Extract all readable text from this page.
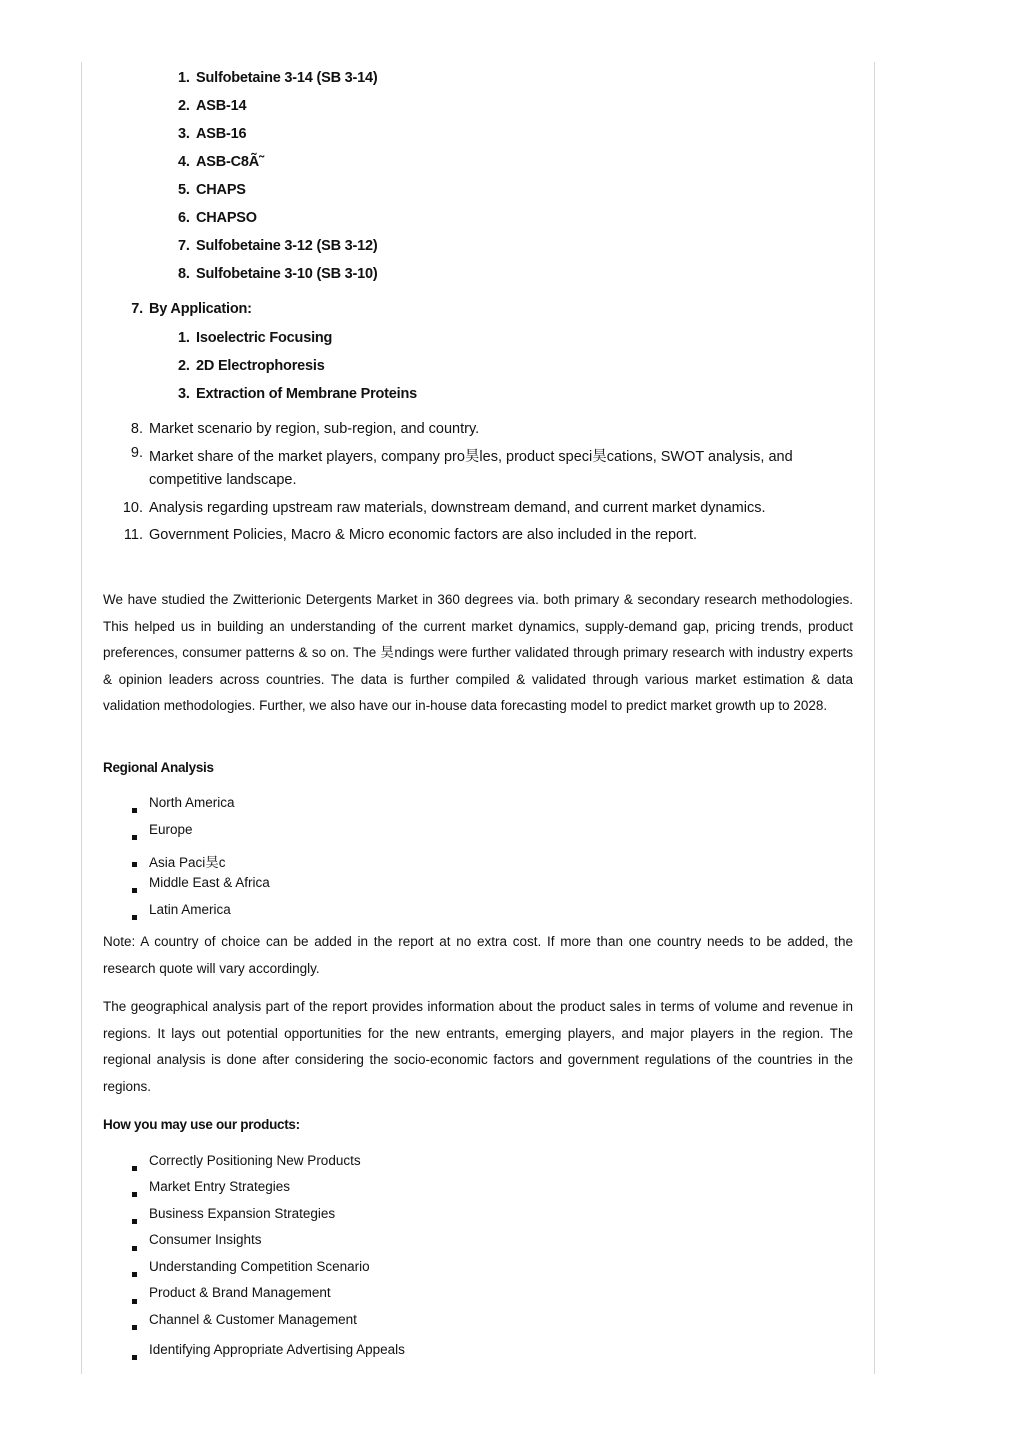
1. Sulfobetaine 3-14 (SB 3-14)
2. ASB-14
3. ASB-16
4. ASB-C8Ã˜
5. CHAPS
6. CHAPSO
7. Sulfobetaine 3-12 (SB 3-12)
8. Sulfobetaine 3-10 (SB 3-10)
7. By Application:
1. Isoelectric Focusing
2. 2D Electrophoresis
3. Extraction of Membrane Proteins
8. Market scenario by region, sub-region, and country.
9. Market share of the market players, company pro昊les, product speci昊cations, SWOT analysis, and
competitive landscape.
10. Analysis regarding upstream raw materials, downstream demand, and current market dynamics.
11. Government Policies, Macro & Micro economic factors are also included in the report.
We have studied the Zwitterionic Detergents Market in 360 degrees via. both primary & secondary research methodologies. This helped us in building an understanding of the current market dynamics, supply-demand gap, pricing trends, product preferences, consumer patterns & so on. The 昊ndings were further validated through primary research with industry experts & opinion leaders across countries. The data is further compiled & validated through various market estimation & data validation methodologies. Further, we also have our in-house data forecasting model to predict market growth up to 2028.
Regional Analysis
North America
Europe
Asia Paci昊c
Middle East & Africa
Latin America
Note: A country of choice can be added in the report at no extra cost. If more than one country needs to be added, the research quote will vary accordingly.
The geographical analysis part of the report provides information about the product sales in terms of volume and revenue in regions. It lays out potential opportunities for the new entrants, emerging players, and major players in the region. The regional analysis is done after considering the socio-economic factors and government regulations of the countries in the regions.
How you may use our products:
Correctly Positioning New Products
Market Entry Strategies
Business Expansion Strategies
Consumer Insights
Understanding Competition Scenario
Product & Brand Management
Channel & Customer Management
Identifying Appropriate Advertising Appeals
